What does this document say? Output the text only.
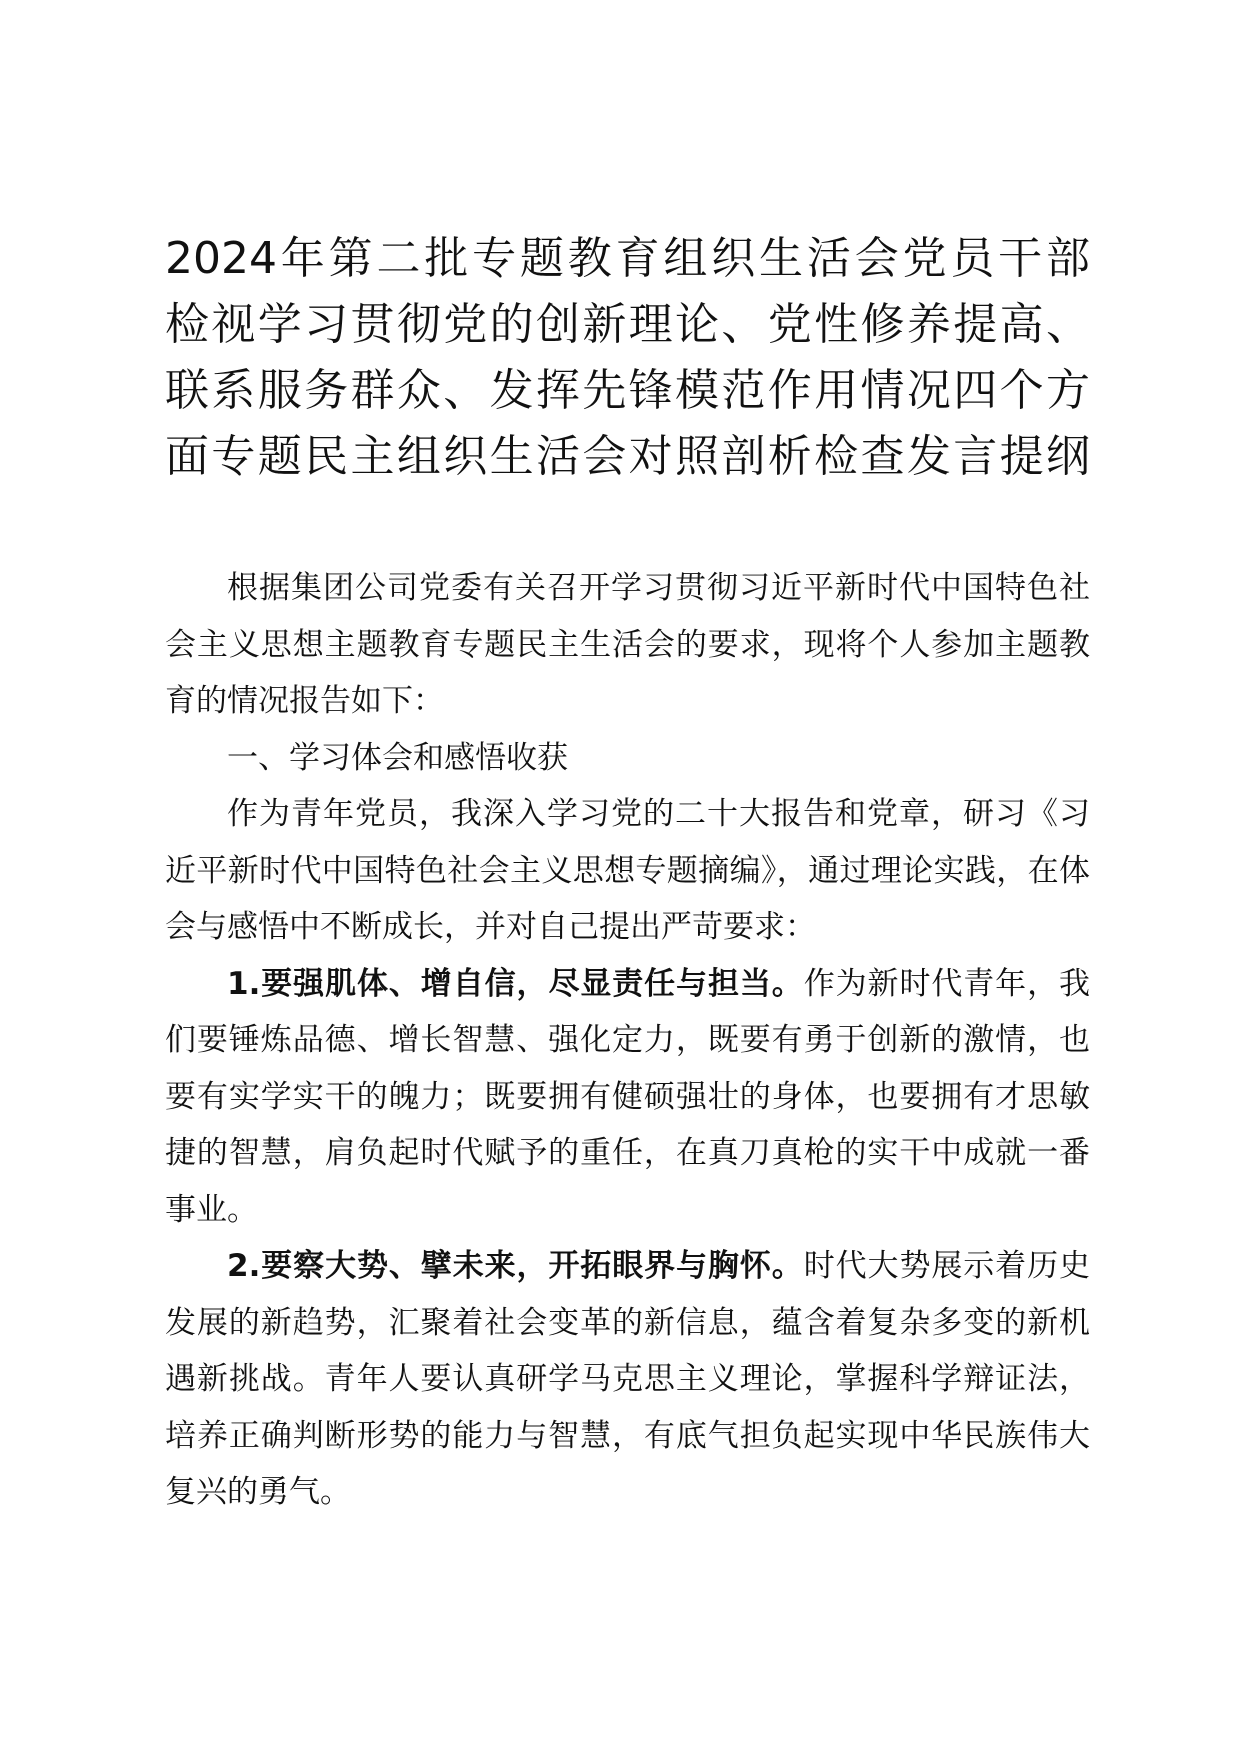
2024年第二批专题教育组织生活会党员干部
检视学习贯彻党的创新理论、党性修养提高、
联系服务群众、发挥先锋模范作用情况四个方
面专题民主组织生活会对照剖析检查发言提纲

根据集团公司党委有关召开学习贯彻习近平新时代中国特色社会主义思想主题教育专题民主生活会的要求，现将个人参加主题教育的情况报告如下：

一、学习体会和感悟收获

作为青年党员，我深入学习党的二十大报告和党章，研习《习近平新时代中国特色社会主义思想专题摘编》，通过理论实践，在体会与感悟中不断成长，并对自己提出严苛要求：

1.要强肌体、增自信，尽显责任与担当。作为新时代青年，我们要锤炼品德、增长智慧、强化定力，既要有勇于创新的激情，也要有实学实干的魄力；既要拥有健硕强壮的身体，也要拥有才思敏捷的智慧，肩负起时代赋予的重任，在真刀真枪的实干中成就一番事业。

2.要察大势、擘未来，开拓眼界与胸怀。时代大势展示着历史发展的新趋势，汇聚着社会变革的新信息，蕴含着复杂多变的新机遇新挑战。青年人要认真研学马克思主义理论，掌握科学辩证法，培养正确判断形势的能力与智慧，有底气担负起实现中华民族伟大复兴的勇气。
